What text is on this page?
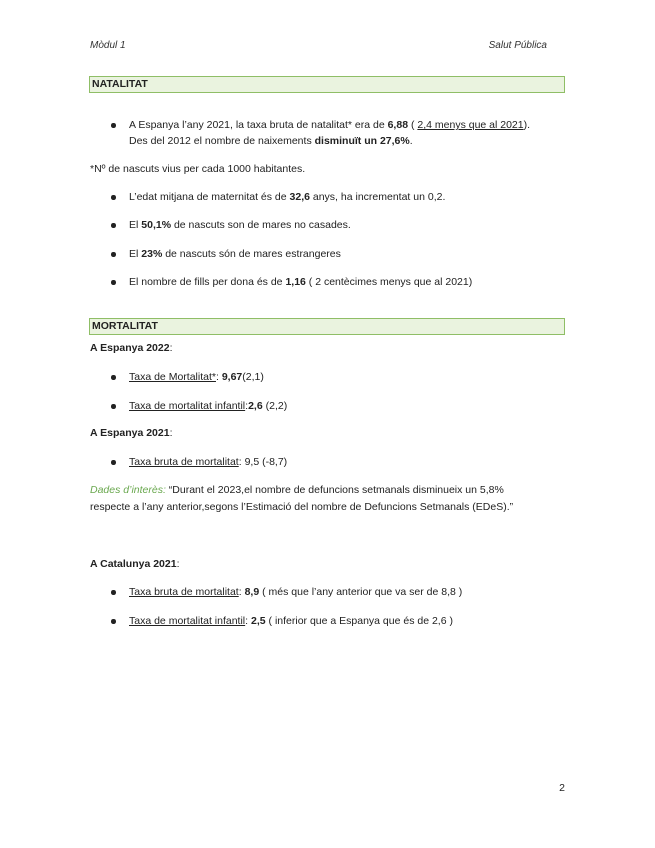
Mòdul 1	Salut Pública
NATALITAT
A Espanya l’any 2021, la taxa bruta de natalitat* era de 6,88 ( 2,4 menys que al 2021).
Des del 2012 el nombre de naixements disminuït un 27,6%.
*Nº de nascuts vius per cada 1000 habitantes.
L’edat mitjana de maternitat és de 32,6 anys, ha incrementat un 0,2.
El 50,1% de nascuts son de mares no casades.
El 23% de nascuts són de mares estrangeres
El nombre de fills per dona és de 1,16 ( 2 centècimes menys que al 2021)
MORTALITAT
A Espanya 2022:
Taxa de Mortalitat*: 9,67(2,1)
Taxa de mortalitat infantil:2,6 (2,2)
A Espanya 2021:
Taxa bruta de mortalitat: 9,5 (-8,7)
Dades d’interès: “Durant el 2023,el nombre de defuncions setmanals disminueix un 5,8%
respecte a l’any anterior,segons l’Estimació del nombre de Defuncions Setmanals (EDeS).”
A Catalunya 2021:
Taxa bruta de mortalitat: 8,9 ( més que l’any anterior que va ser de 8,8 )
Taxa de mortalitat infantil: 2,5 ( inferior que a Espanya que és de 2,6 )
2
